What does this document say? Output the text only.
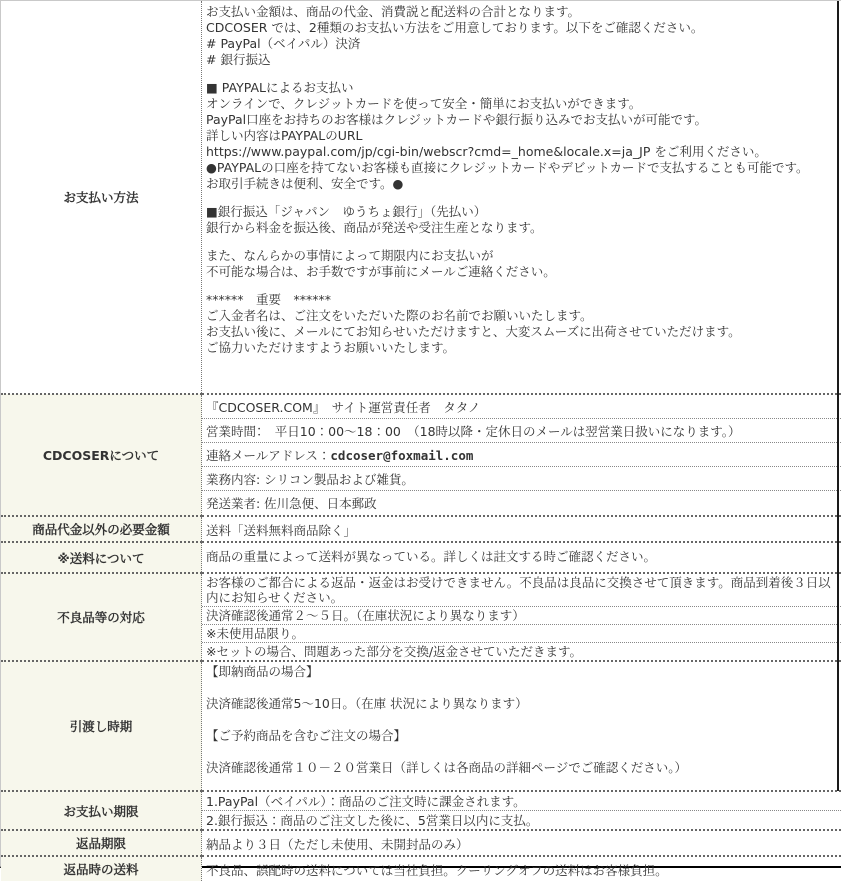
お支払い方法	
お支払い金額は、商品の代金、消費説と配送料の合計となります。
CDCOSER では、2種類のお支払い方法をご用意しております。以下をご確認ください。
# PayPal（ベイパル）決済
# 銀行振込
■ PAYPALによるお支払い
オンラインで、クレジットカードを使って安全・簡単にお支払いができます。
PayPal口座をお持ちのお客様はクレジットカードや銀行振り込みでお支払いが可能です。
詳しい内容はPAYPALのURL
https://www.paypal.com/jp/cgi-bin/webscr?cmd=_home&locale.x=ja_JP をご利用ください。
●PAYPALの口座を持てないお客様も直接にクレジットカードやデビットカードで支払することも可能です。
お取引手続きは便利、安全です。●
■銀行振込「ジャパン　ゆうちょ銀行」（先払い）
銀行から料金を振込後、商品が発送や受注生産となります。
また、なんらかの事情によって期限内にお支払いが
不可能な場合は、お手数ですが事前にメールご連絡ください。
******　重要　******
ご入金者名は、ご注文をいただいた際のお名前でお願いいたします。
お支払い後に、メールにてお知らせいただけますと、大変スムーズに出荷させていただけます。
ご協力いただけますようお願いいたします。

CDCOSERについて	『CDCOSER.COM』　サイト運営責任者　タタノ
営業時間：　平日10：00～18：00　（18時以降・定休日のメールは翌営業日扱いになります。）
連絡メールアドレス：cdcoser@foxmail.com
業務内容: シリコン製品および雑貨。
発送業者: 佐川急便、日本郵政

商品代金以外の必要金額	送料「送料無料商品除く」
※送料について	商品の重量によって送料が異なっている。詳しくは註文する時ご確認ください。
不良品等の対応	お客様のご都合による返品・返金はお受けできません。不良品は良品に交換させて頂きます。商品到着後３日以内にお知らせください。
決済確認後通常２～５日。（在庫状況により異なります）
※未使用品限り。
※セットの場合、問題あった部分を交換/返金させていただきます。

引渡し時期	【即納商品の場合】
決済確認後通常5～10日。（在庫 状況により異なります）
【ご予約商品を含むご注文の場合】
決済確認後通常１０－２０営業日（詳しくは各商品の詳細ページでご確認ください。）

お支払い期限	1.PayPal（ベイパル）：商品のご注文時に課金されます。
2.銀行振込：商品のご注文した後に、5営業日以内に支払。

返品期限	納品より３日（ただし未使用、未開封品のみ）
返品時の送料	不良品、誤配時の送料については当社負担。クーリングオフの送料はお客様負担。
